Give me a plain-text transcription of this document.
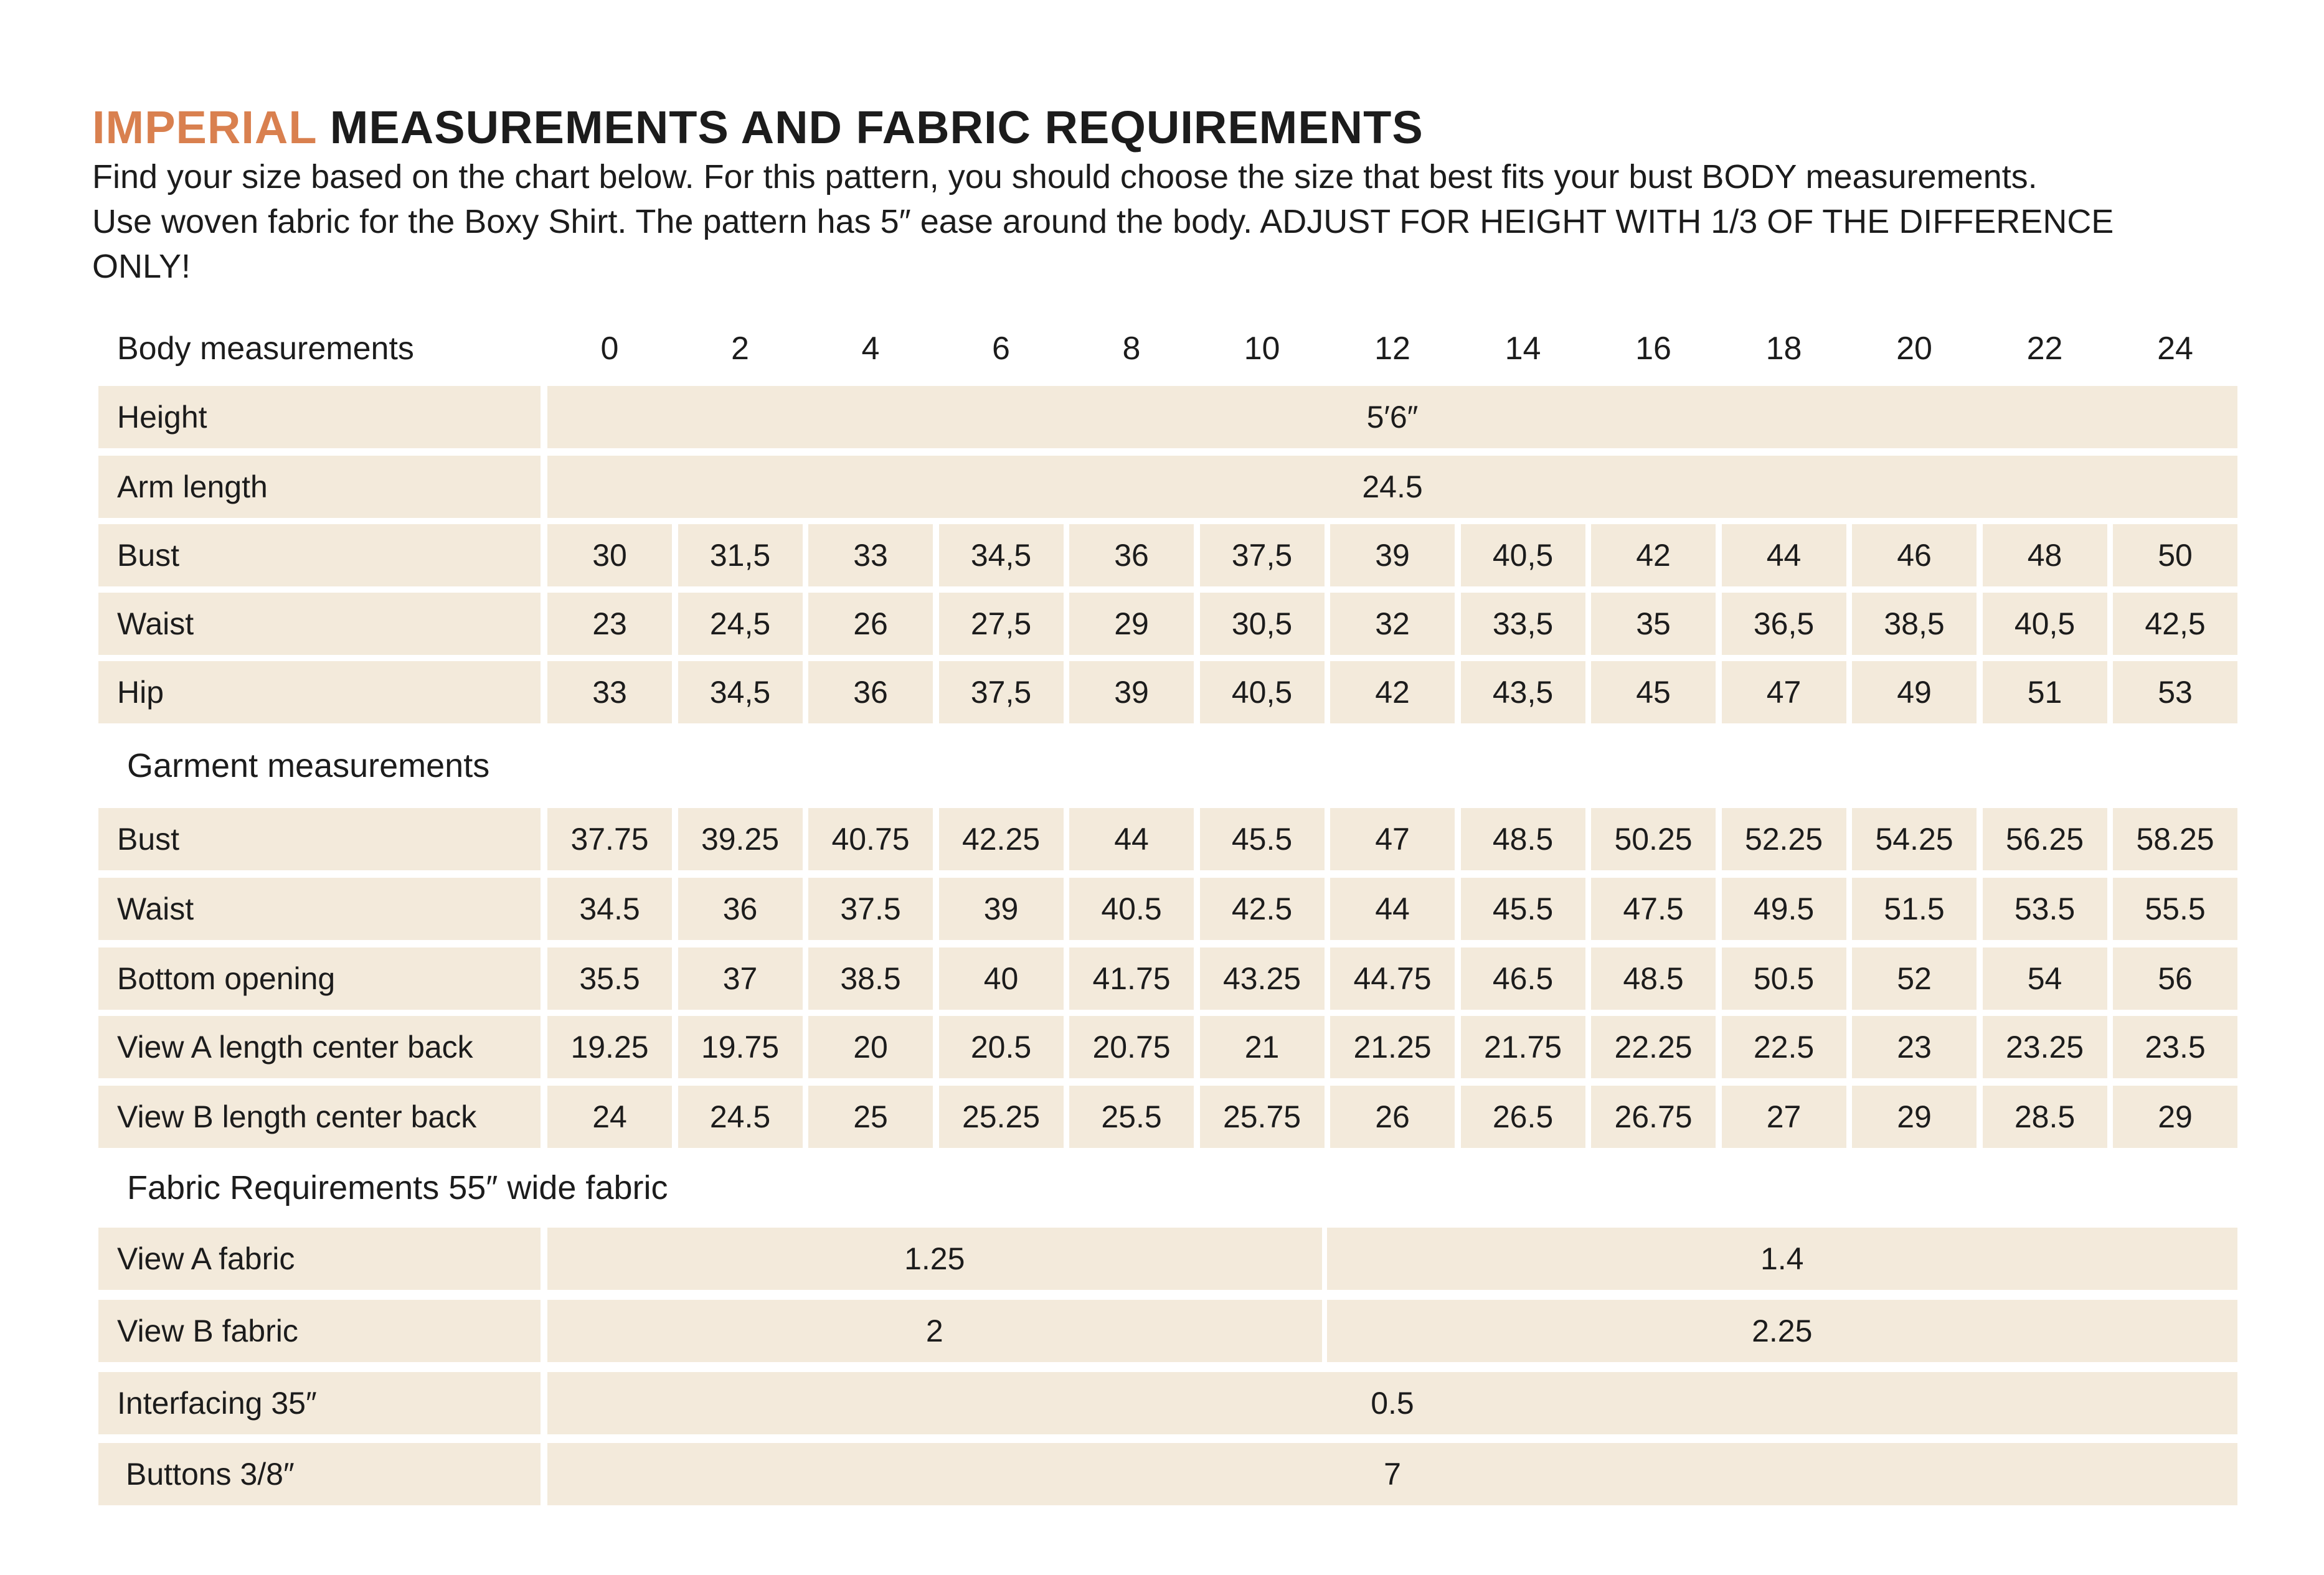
IMPERIAL MEASUREMENTS AND FABRIC REQUIREMENTS

Find your size based on the chart below. For this pattern, you should choose the size that best fits your bust BODY measurements.

Use woven fabric for the Boxy Shirt. The pattern has 5″ ease around the body. ADJUST FOR HEIGHT WITH 1/3 OF THE DIFFERENCE

ONLY!

Body measurements	0	2	4	6	8	10	12	14	16	18	20	22	24
Height	5′6″
Arm length	24.5
Bust	30	31,5	33	34,5	36	37,5	39	40,5	42	44	46	48	50
Waist	23	24,5	26	27,5	29	30,5	32	33,5	35	36,5	38,5	40,5	42,5
Hip	33	34,5	36	37,5	39	40,5	42	43,5	45	47	49	51	53
Garment measurements
Bust	37.75	39.25	40.75	42.25	44	45.5	47	48.5	50.25	52.25	54.25	56.25	58.25
Waist	34.5	36	37.5	39	40.5	42.5	44	45.5	47.5	49.5	51.5	53.5	55.5
Bottom opening	35.5	37	38.5	40	41.75	43.25	44.75	46.5	48.5	50.5	52	54	56
View A length center back	19.25	19.75	20	20.5	20.75	21	21.25	21.75	22.25	22.5	23	23.25	23.5
View B length center back	24	24.5	25	25.25	25.5	25.75	26	26.5	26.75	27	29	28.5	29
Fabric Requirements 55″ wide fabric
View A fabric	1.25	1.4
View B fabric	2	2.25
Interfacing 35″	0.5
Buttons 3/8″	7
